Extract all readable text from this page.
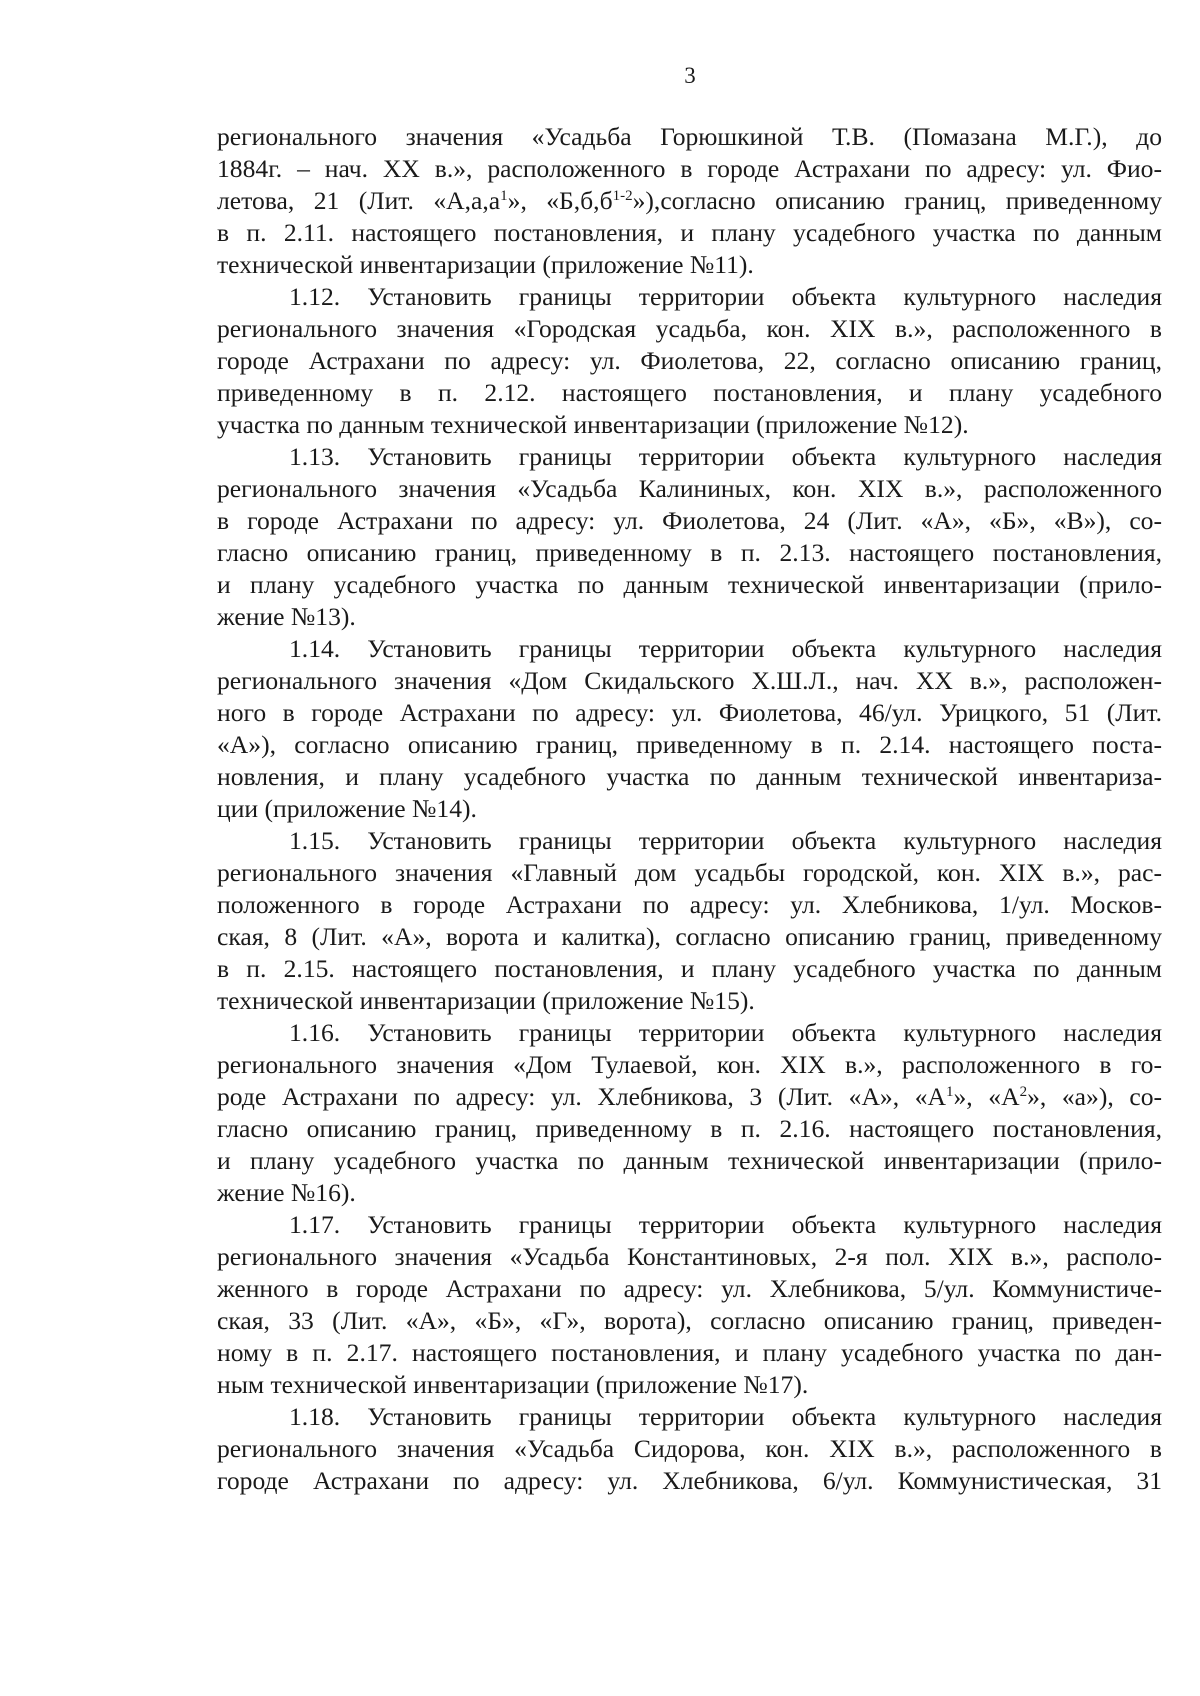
3
регионального значения «Усадьба Горюшкиной Т.В. (Помазана М.Г.), до
1884г. – нач. XX в.», расположенного в городе Астрахани по адресу: ул. Фио-
летова, 21 (Лит. «$А,а,а^1$», «$Б,б,б^{1-2}»),согласно$ описанию границ, приведенному
в п. 2.11. настоящего постановления, и плану усадебного участка по данным
технической инвентаризации (приложение №11).
1.12. Установить границы территории объекта культурного наследия
регионального значения «Городская усадьба, кон. XIX в.», расположенного в
городе Астрахани по адресу: ул. Фиолетова, 22, согласно описанию границ,
приведенному в п. 2.12. настоящего постановления, и плану усадебного
участка по данным технической инвентаризации (приложение №12).
1.13. Установить границы территории объекта культурного наследия
регионального значения «Усадьба Калининых, кон. XIX в.», расположенного
в городе Астрахани по адресу: ул. Фиолетова, 24 (Лит. «А», «Б», «В»), со-
гласно описанию границ, приведенному в п. 2.13. настоящего постановления,
и плану усадебного участка по данным технической инвентаризации (прило-
жение №13).
1.14. Установить границы территории объекта культурного наследия
регионального значения «Дом Скидальского Х.Ш.Л., нач. XX в.», расположен-
ного в городе Астрахани по адресу: ул. Фиолетова, 46/ул. Урицкого, 51 (Лит.
«А»), согласно описанию границ, приведенному в п. 2.14. настоящего поста-
новления, и плану усадебного участка по данным технической инвентариза-
ции (приложение №14).
1.15. Установить границы территории объекта культурного наследия
регионального значения «Главный дом усадьбы городской, кон. XIX в.», рас-
положенного в городе Астрахани по адресу: ул. Хлебникова, 1/ул. Москов-
ская, 8 (Лит. «А», ворота и калитка), согласно описанию границ, приведенному
в п. 2.15. настоящего постановления, и плану усадебного участка по данным
технической инвентаризации (приложение №15).
1.16. Установить границы территории объекта культурного наследия
регионального значения «Дом Тулаевой, кон. XIX в.», расположенного в го-
роде Астрахани по адресу: ул. Хлебникова, 3 (Лит. «А», «$А^1$», «$А^2$», «а»), со-
гласно описанию границ, приведенному в п. 2.16. настоящего постановления,
и плану усадебного участка по данным технической инвентаризации (прило-
жение №16).
1.17. Установить границы территории объекта культурного наследия
регионального значения «Усадьба Константиновых, 2-я пол. XIX в.», располо-
женного в городе Астрахани по адресу: ул. Хлебникова, 5/ул. Коммунистиче-
ская, 33 (Лит. «А», «Б», «Г», ворота), согласно описанию границ, приведен-
ному в п. 2.17. настоящего постановления, и плану усадебного участка по дан-
ным технической инвентаризации (приложение №17).
1.18. Установить границы территории объекта культурного наследия
регионального значения «Усадьба Сидорова, кон. XIX в.», расположенного в
городе Астрахани по адресу: ул. Хлебникова, 6/ул. Коммунистическая, 31
